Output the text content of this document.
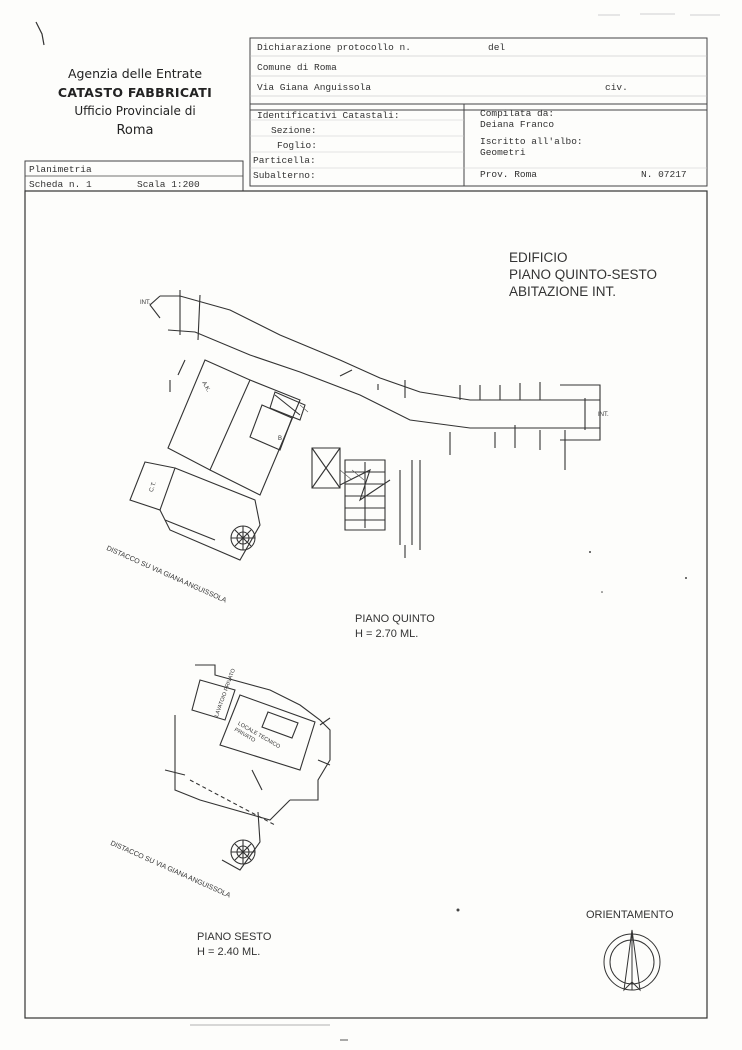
Agenzia delle Entrate
CATASTO FABBRICATI
Ufficio Provinciale di
Roma
Dichiarazione protocollo n.	del
Comune di Roma
Via Giana Anguissola	civ.
Identificativi Catastali:
Sezione:
Foglio:
Particella:
Subalterno:
Compilata da:
Deiana Franco
Iscritto all'albo:
Geometri
Prov. Roma	N. 07217
Planimetria
Scheda n. 1	Scala 1:200
EDIFICIO
PIANO QUINTO-SESTO
ABITAZIONE INT.
PIANO QUINTO
H = 2.70 ML.
PIANO SESTO
H = 2.40 ML.
ORIENTAMENTO
DISTACCO SU VIA GIANA ANGUISSOLA
DISTACCO SU VIA GIANA ANGUISSOLA
INT.
INT.
A.K.
B
C.T.
LAVATOIO PRIVATO
LOCALE TECNICO PRIVATO
